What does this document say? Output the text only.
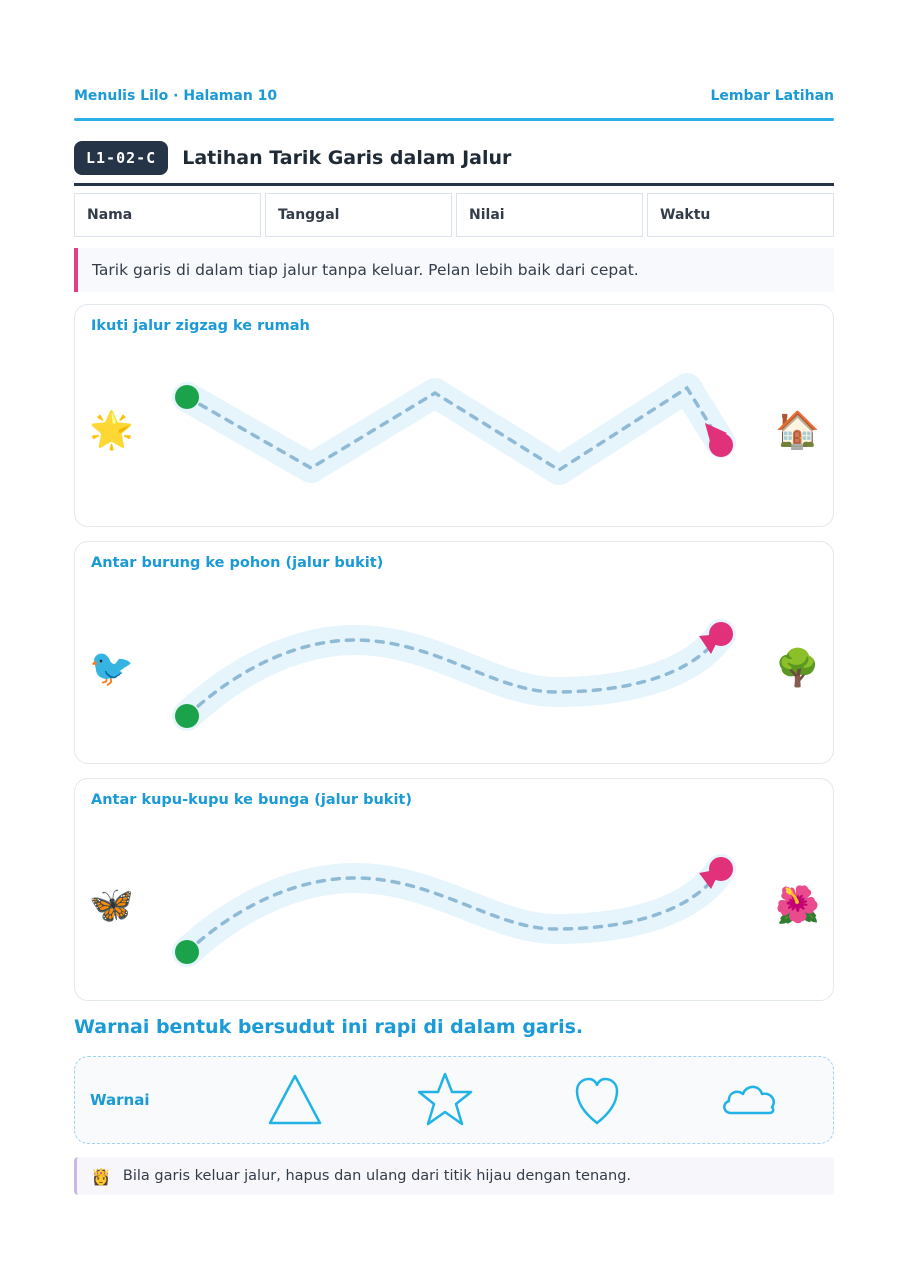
Menulis Lilo · Halaman 10	Lembar Latihan
L1-02-C	Latihan Tarik Garis dalam Jalur
Nama	Tanggal	Nilai	Waktu
Tarik garis di dalam tiap jalur tanpa keluar. Pelan lebih baik dari cepat.
Ikuti jalur zigzag ke rumah
🌟	🏠
Antar burung ke pohon (jalur bukit)
🐦	🌳
Antar kupu-kupu ke bunga (jalur bukit)
🦋	🌺
Warnai bentuk bersudut ini rapi di dalam garis.
Warnai
👸 Bila garis keluar jalur, hapus dan ulang dari titik hijau dengan tenang.
